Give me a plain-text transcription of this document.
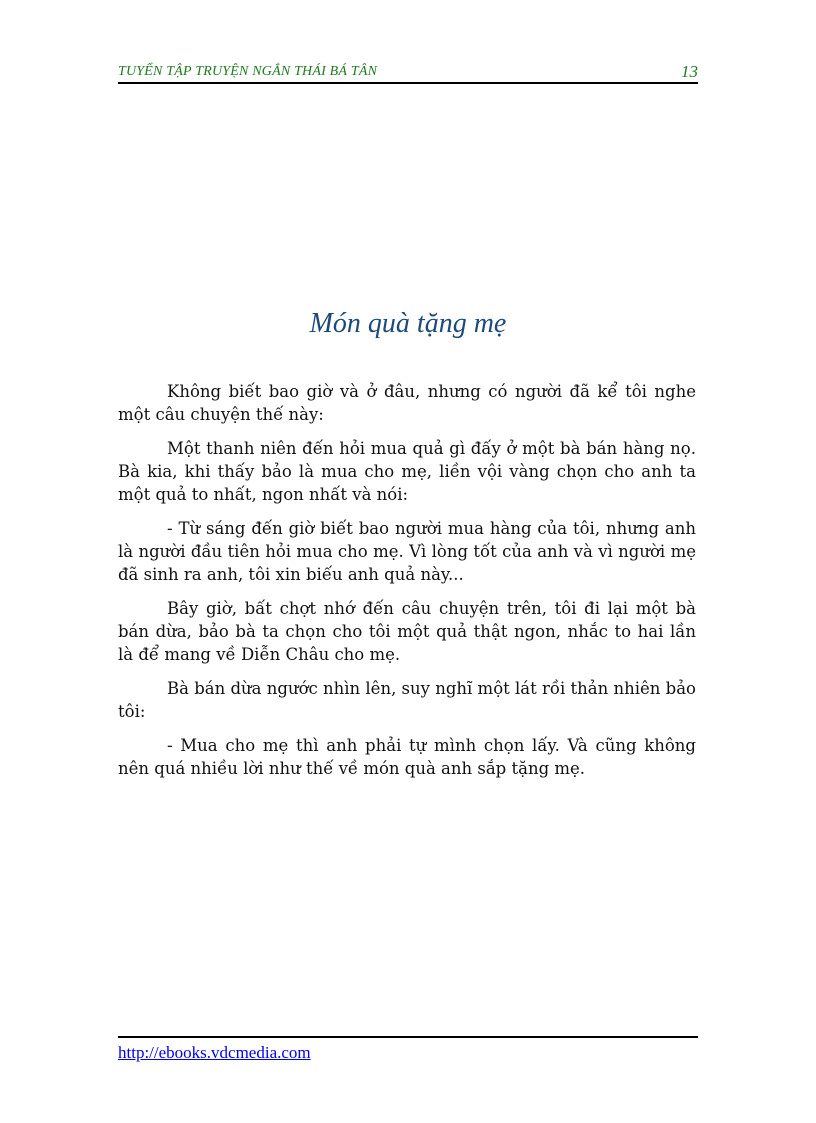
TUYỂN TẬP TRUYỆN NGẮN THÁI BÁ TÂN	13
Món quà tặng mẹ

Không biết bao giờ và ở đâu, nhưng có người đã kể tôi nghe một câu chuyện thế này:

Một thanh niên đến hỏi mua quả gì đấy ở một bà bán hàng nọ. Bà kia, khi thấy bảo là mua cho mẹ, liền vội vàng chọn cho anh ta một quả to nhất, ngon nhất và nói:

- Từ sáng đến giờ biết bao người mua hàng của tôi, nhưng anh là người đầu tiên hỏi mua cho mẹ. Vì lòng tốt của anh và vì người mẹ đã sinh ra anh, tôi xin biếu anh quả này...

Bây giờ, bất chợt nhớ đến câu chuyện trên, tôi đi lại một bà bán dừa, bảo bà ta chọn cho tôi một quả thật ngon, nhắc to hai lần là để mang về Diễn Châu cho mẹ.

Bà bán dừa ngước nhìn lên, suy nghĩ một lát rồi thản nhiên bảo tôi:

- Mua cho mẹ thì anh phải tự mình chọn lấy. Và cũng không nên quá nhiều lời như thế về món quà anh sắp tặng mẹ.

http://ebooks.vdcmedia.com
